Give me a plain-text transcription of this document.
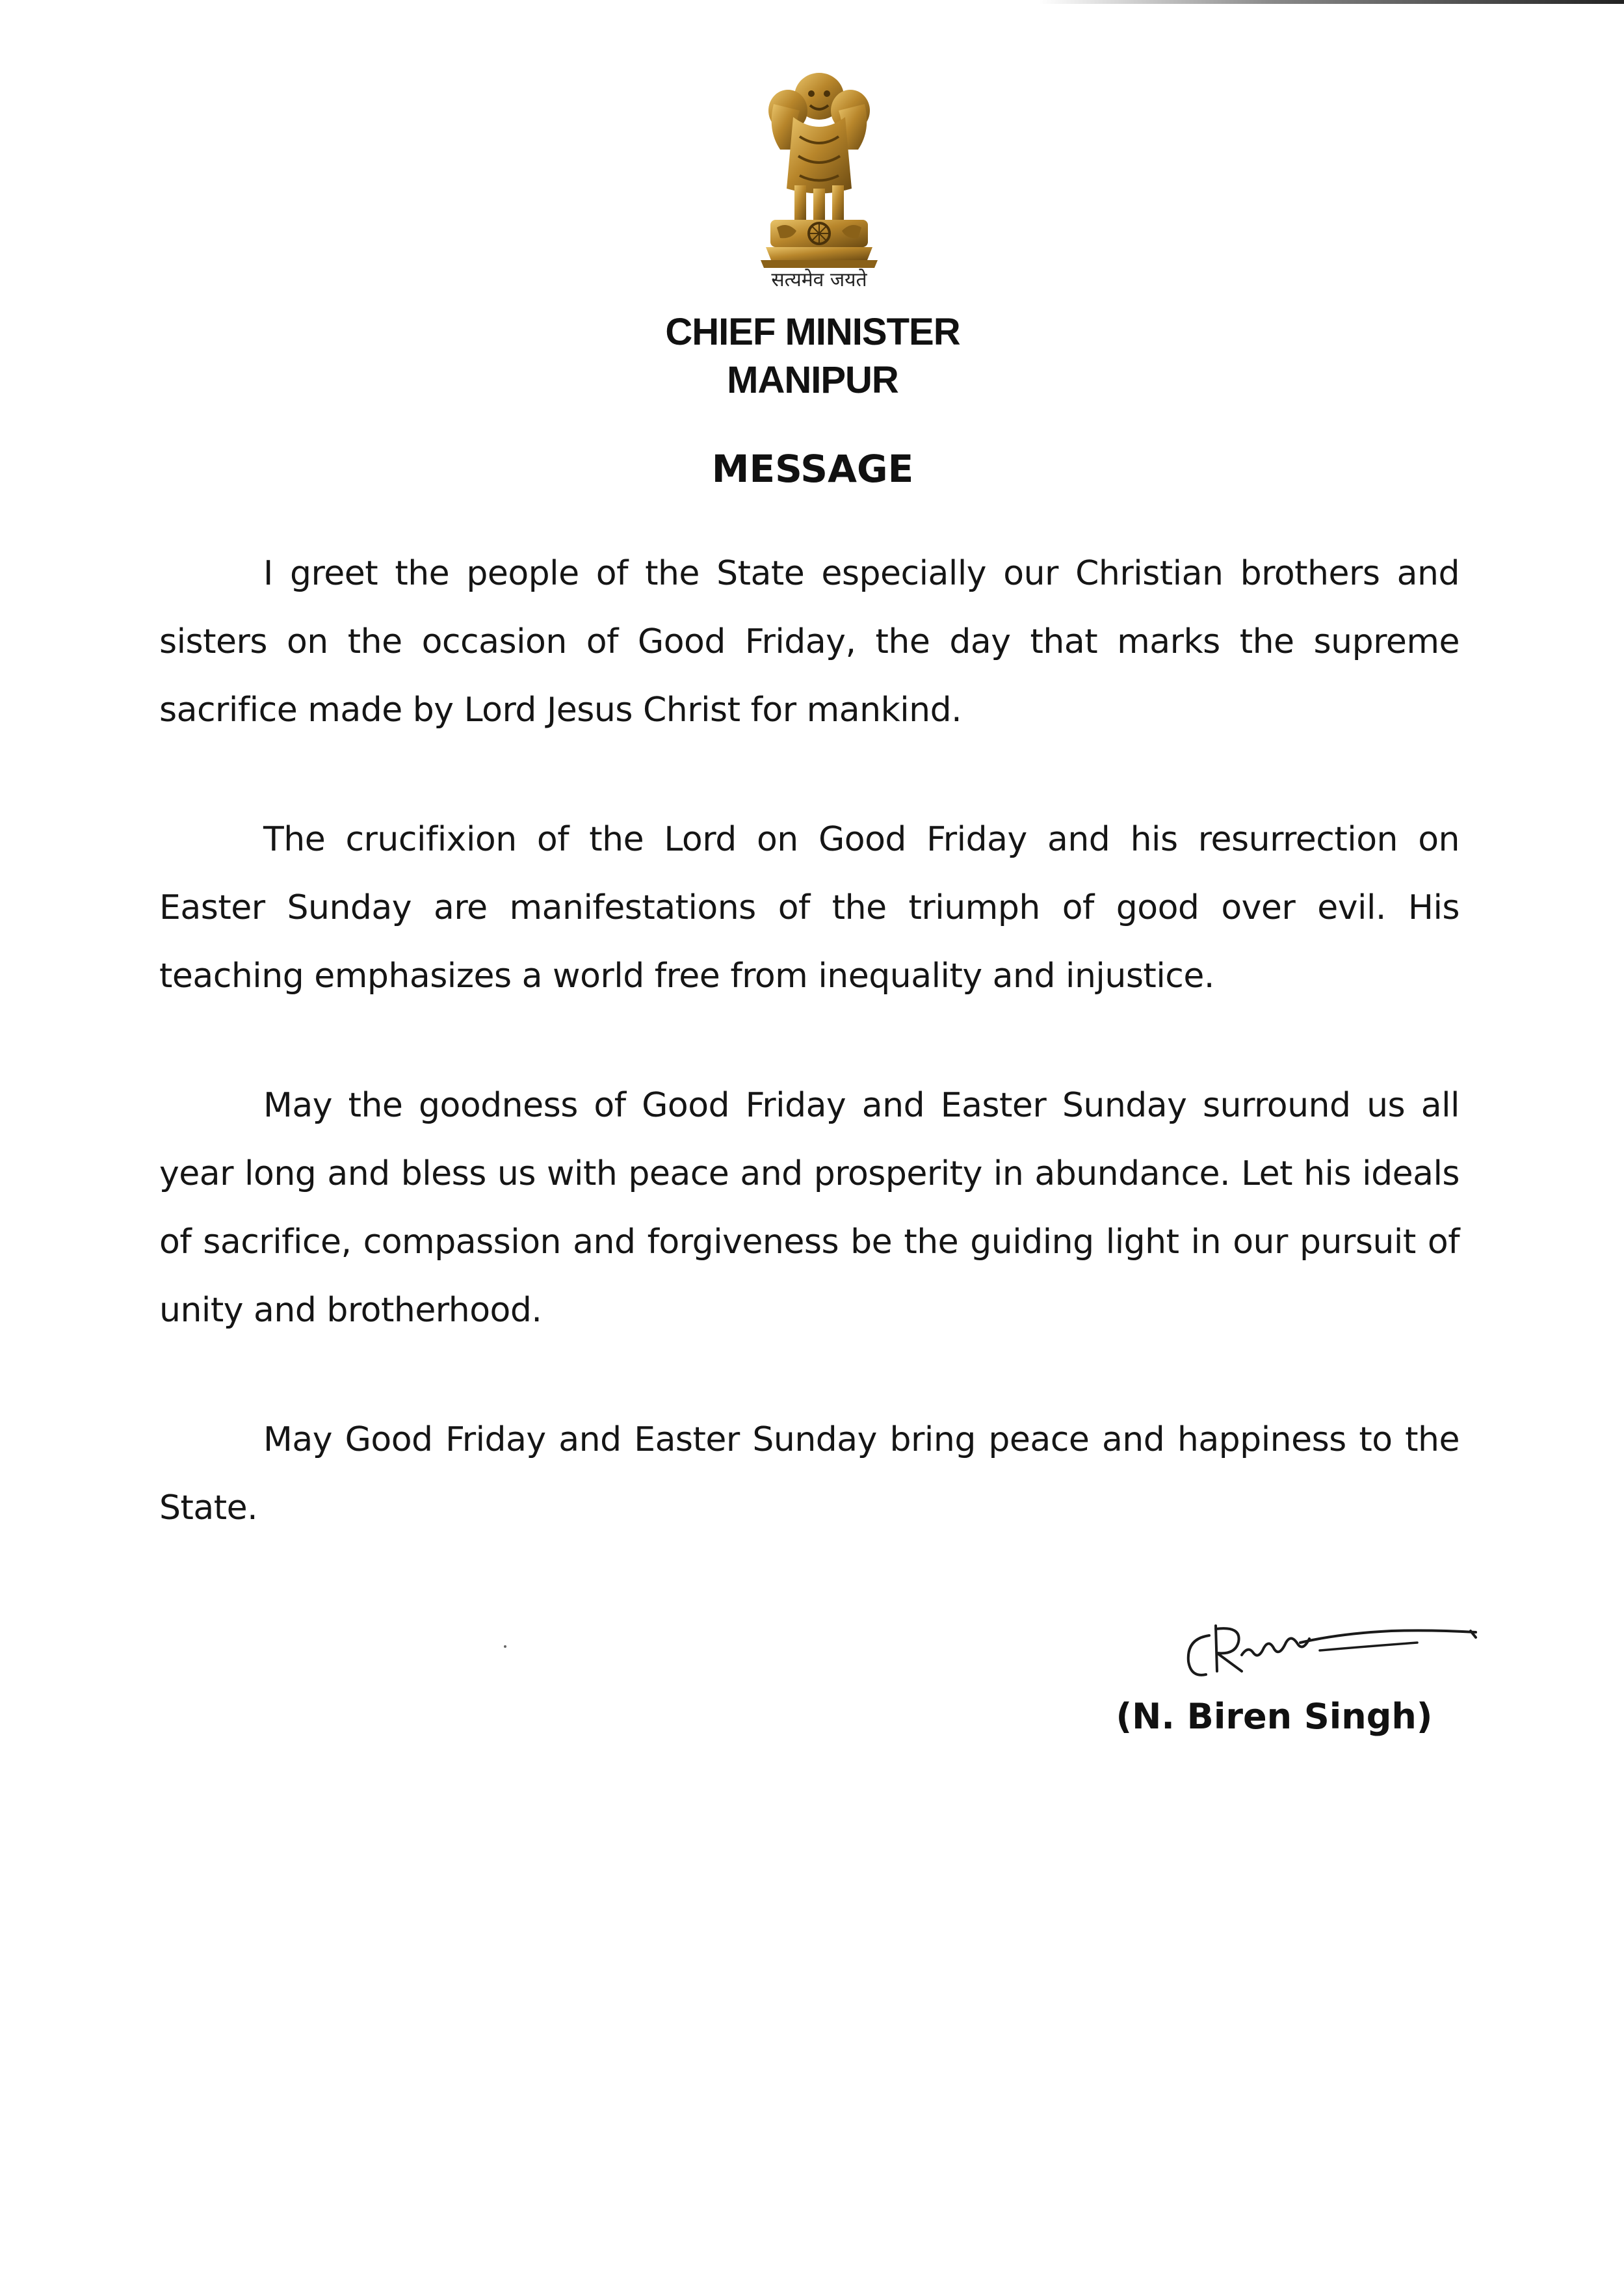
सत्यमेव जयते
CHIEF MINISTER
MANIPUR
MESSAGE

I greet the people of the State especially our Christian brothers and sisters on the occasion of Good Friday, the day that marks the supreme sacrifice made by Lord Jesus Christ for mankind.

The crucifixion of the Lord on Good Friday and his resurrection on Easter Sunday are manifestations of the triumph of good over evil. His teaching emphasizes a world free from inequality and injustice.

May the goodness of Good Friday and Easter Sunday surround us all year long and bless us with peace and prosperity in abundance. Let his ideals of sacrifice, compassion and forgiveness be the guiding light in our pursuit of unity and brotherhood.

May Good Friday and Easter Sunday bring peace and happiness to the State.

(N. Biren Singh)
